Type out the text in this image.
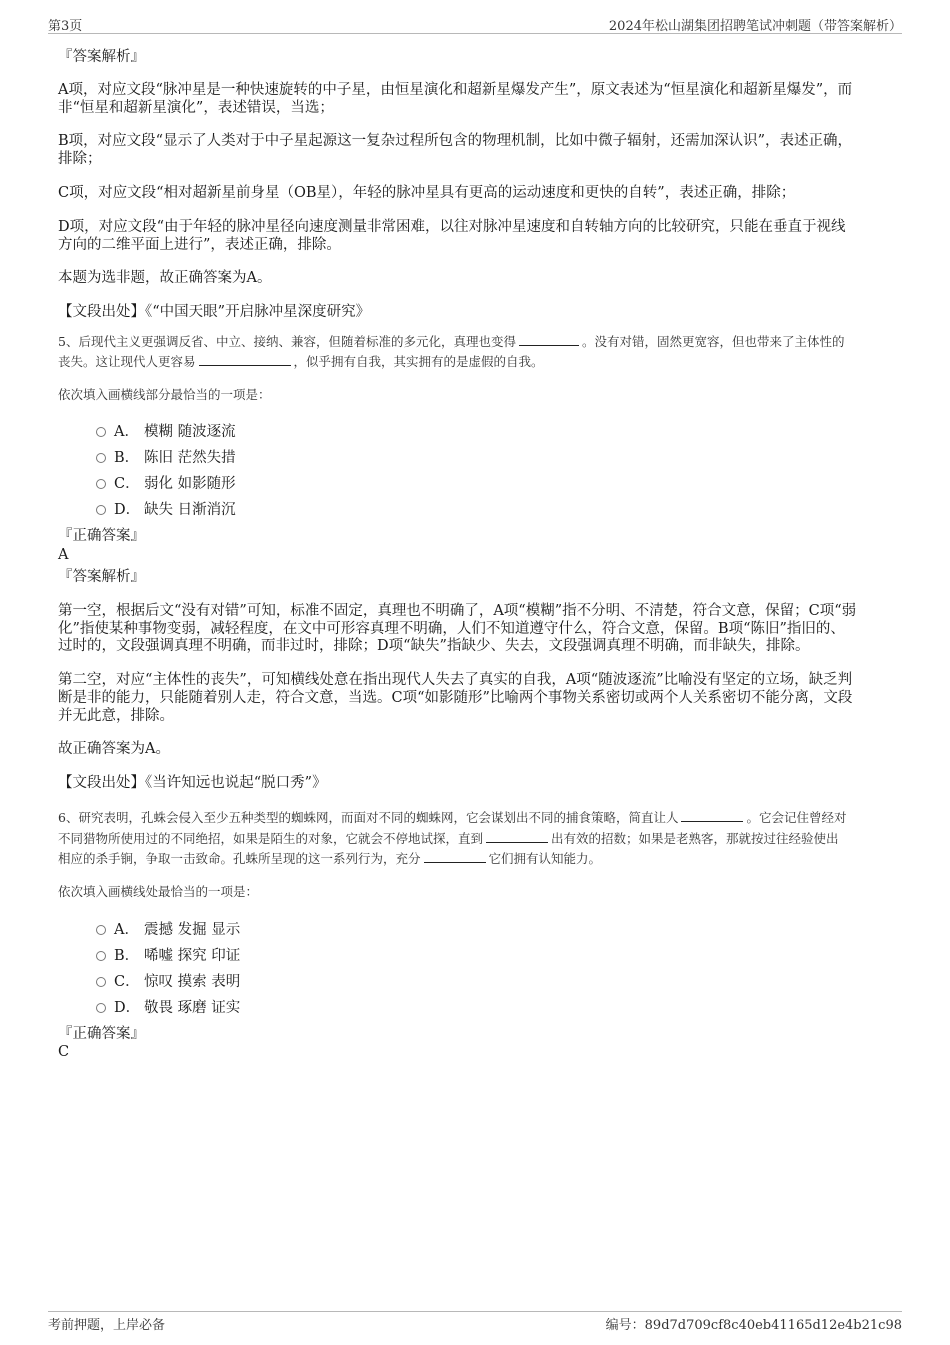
第3页	2024年松山湖集团招聘笔试冲刺题（带答案解析）
『答案解析』
A项，对应文段“脉冲星是一种快速旋转的中子星，由恒星演化和超新星爆发产生”，原文表述为“恒星演化和超新星爆发”，而
非“恒星和超新星演化”，表述错误，当选；
B项，对应文段“显示了人类对于中子星起源这一复杂过程所包含的物理机制，比如中微子辐射，还需加深认识”，表述正确，
排除；
C项，对应文段“相对超新星前身星（OB星），年轻的脉冲星具有更高的运动速度和更快的自转”，表述正确，排除；
D项，对应文段“由于年轻的脉冲星径向速度测量非常困难，以往对脉冲星速度和自转轴方向的比较研究，只能在垂直于视线
方向的二维平面上进行”，表述正确，排除。
本题为选非题，故正确答案为A。
【文段出处】《“中国天眼”开启脉冲星深度研究》
5、后现代主义更强调反省、中立、接纳、兼容，但随着标准的多元化，真理也变得	。没有对错，固然更宽容，但也带来了主体性的
丧失。这让现代人更容易	，似乎拥有自我，其实拥有的是虚假的自我。
依次填入画横线部分最恰当的一项是：
A． 模糊 随波逐流
B． 陈旧 茫然失措
C． 弱化 如影随形
D． 缺失 日渐消沉
『正确答案』
A
『答案解析』
第一空，根据后文“没有对错”可知，标准不固定，真理也不明确了，A项“模糊”指不分明、不清楚，符合文意，保留；C项“弱
化”指使某种事物变弱，减轻程度，在文中可形容真理不明确，人们不知道遵守什么，符合文意，保留。B项“陈旧”指旧的、
过时的，文段强调真理不明确，而非过时，排除；D项“缺失”指缺少、失去，文段强调真理不明确，而非缺失，排除。
第二空，对应“主体性的丧失”，可知横线处意在指出现代人失去了真实的自我，A项“随波逐流”比喻没有坚定的立场，缺乏判
断是非的能力，只能随着别人走，符合文意，当选。C项“如影随形”比喻两个事物关系密切或两个人关系密切不能分离，文段
并无此意，排除。
故正确答案为A。
【文段出处】《当许知远也说起“脱口秀”》
6、研究表明，孔蛛会侵入至少五种类型的蜘蛛网，而面对不同的蜘蛛网，它会谋划出不同的捕食策略，简直让人	。它会记住曾经对
不同猎物所使用过的不同绝招，如果是陌生的对象，它就会不停地试探，直到	出有效的招数；如果是老熟客，那就按过往经验使出
相应的杀手锏，争取一击致命。孔蛛所呈现的这一系列行为，充分	它们拥有认知能力。
依次填入画横线处最恰当的一项是：
A． 震撼 发掘 显示
B． 唏嘘 探究 印证
C． 惊叹 摸索 表明
D． 敬畏 琢磨 证实
『正确答案』
C
考前押题，上岸必备	编号：89d7d709cf8c40eb41165d12e4b21c98
